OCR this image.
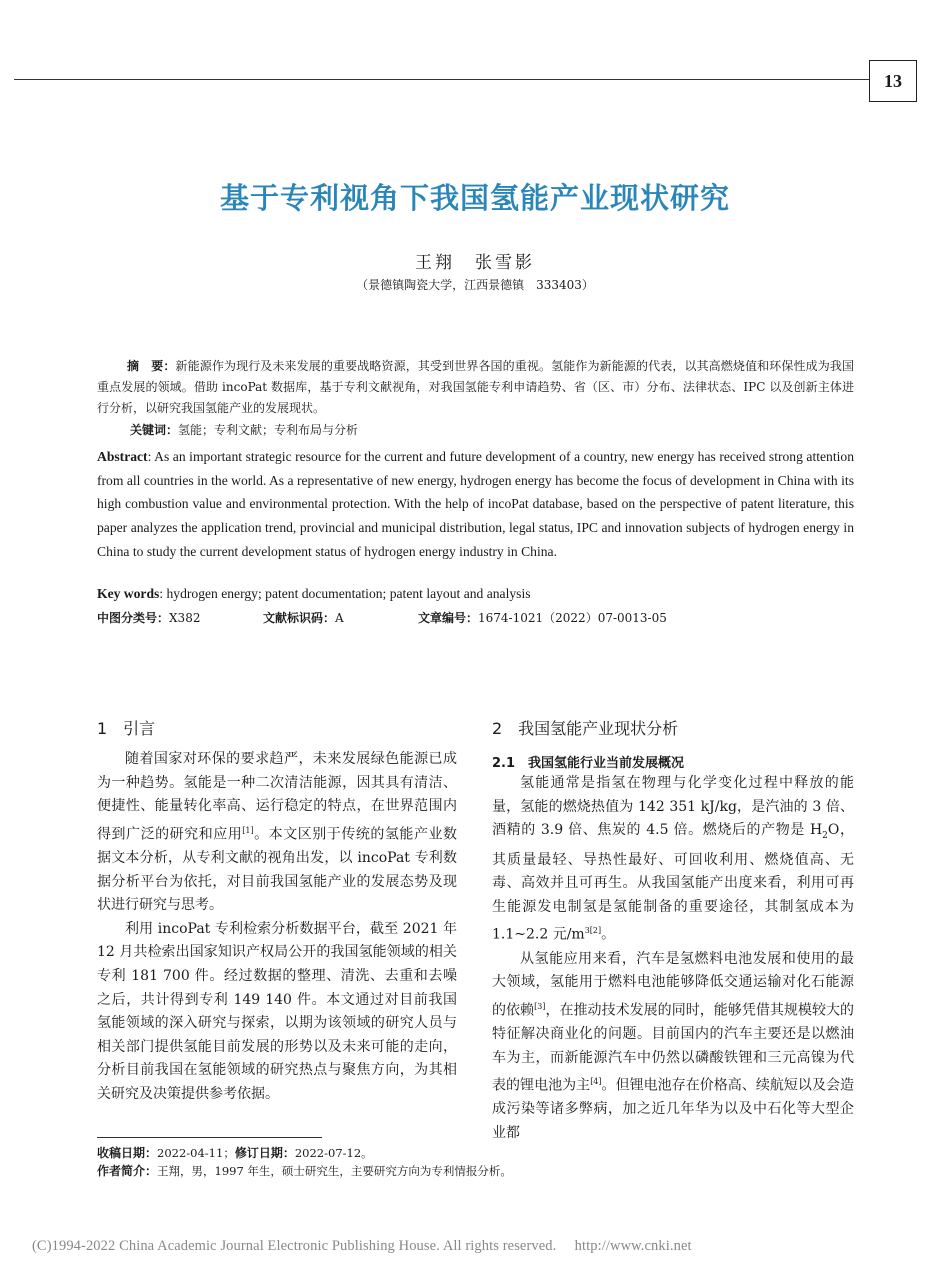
13
基于专利视角下我国氢能产业现状研究
王翔　张雪影
（景德镇陶瓷大学，江西景德镇　333403）
摘　要：新能源作为现行及未来发展的重要战略资源，其受到世界各国的重视。氢能作为新能源的代表，以其高燃烧值和环保性成为我国重点发展的领域。借助 incoPat 数据库，基于专利文献视角，对我国氢能专利申请趋势、省（区、市）分布、法律状态、IPC 以及创新主体进行分析，以研究我国氢能产业的发展现状。
关键词：氢能；专利文献；专利布局与分析
Abstract: As an important strategic resource for the current and future development of a country, new energy has received strong attention from all countries in the world. As a representative of new energy, hydrogen energy has become the focus of development in China with its high combustion value and environmental protection. With the help of incoPat database, based on the perspective of patent literature, this paper analyzes the application trend, provincial and municipal distribution, legal status, IPC and innovation subjects of hydrogen energy in China to study the current development status of hydrogen energy industry in China.
Key words: hydrogen energy; patent documentation; patent layout and analysis
中图分类号：X382	文献标识码：A	文章编号：1674-1021（2022）07-0013-05
1　引言

随着国家对环保的要求趋严，未来发展绿色能源已成为一种趋势。氢能是一种二次清洁能源，因其具有清洁、便捷性、能量转化率高、运行稳定的特点，在世界范围内得到广泛的研究和应用[1]。本文区别于传统的氢能产业数据文本分析，从专利文献的视角出发，以 incoPat 专利数据分析平台为依托，对目前我国氢能产业的发展态势及现状进行研究与思考。

利用 incoPat 专利检索分析数据平台，截至 2021 年 12 月共检索出国家知识产权局公开的我国氢能领域的相关专利 181 700 件。经过数据的整理、清洗、去重和去噪之后，共计得到专利 149 140 件。本文通过对目前我国氢能领域的深入研究与探索，以期为该领域的研究人员与相关部门提供氢能目前发展的形势以及未来可能的走向，分析目前我国在氢能领域的研究热点与聚焦方向，为其相关研究及决策提供参考依据。

2　我国氢能产业现状分析
2.1　我国氢能行业当前发展概况

氢能通常是指氢在物理与化学变化过程中释放的能量，氢能的燃烧热值为 142 351 kJ/kg，是汽油的 3 倍、酒精的 3.9 倍、焦炭的 4.5 倍。燃烧后的产物是 $H_2O$，其质量最轻、导热性最好、可回收利用、燃烧值高、无毒、高效并且可再生。从我国氢能产出度来看，利用可再生能源发电制氢是氢能制备的重要途径，其制氢成本为 1.1~2.2 元$/m^{3[2]}$。

从氢能应用来看，汽车是氢燃料电池发展和使用的最大领域，氢能用于燃料电池能够降低交通运输对化石能源的依赖[3]，在推动技术发展的同时，能够凭借其规模较大的特征解决商业化的问题。目前国内的汽车主要还是以燃油车为主，而新能源汽车中仍然以磷酸铁锂和三元高镍为代表的锂电池为主[4]。但锂电池存在价格高、续航短以及会造成污染等诸多弊病，加之近几年华为以及中石化等大型企业都

收稿日期：2022-04-11；修订日期：2022-07-12。
作者简介：王翔，男，1997 年生，硕士研究生，主要研究方向为专利情报分析。
(C)1994-2022 China Academic Journal Electronic Publishing House. All rights reserved.　 http://www.cnki.net
